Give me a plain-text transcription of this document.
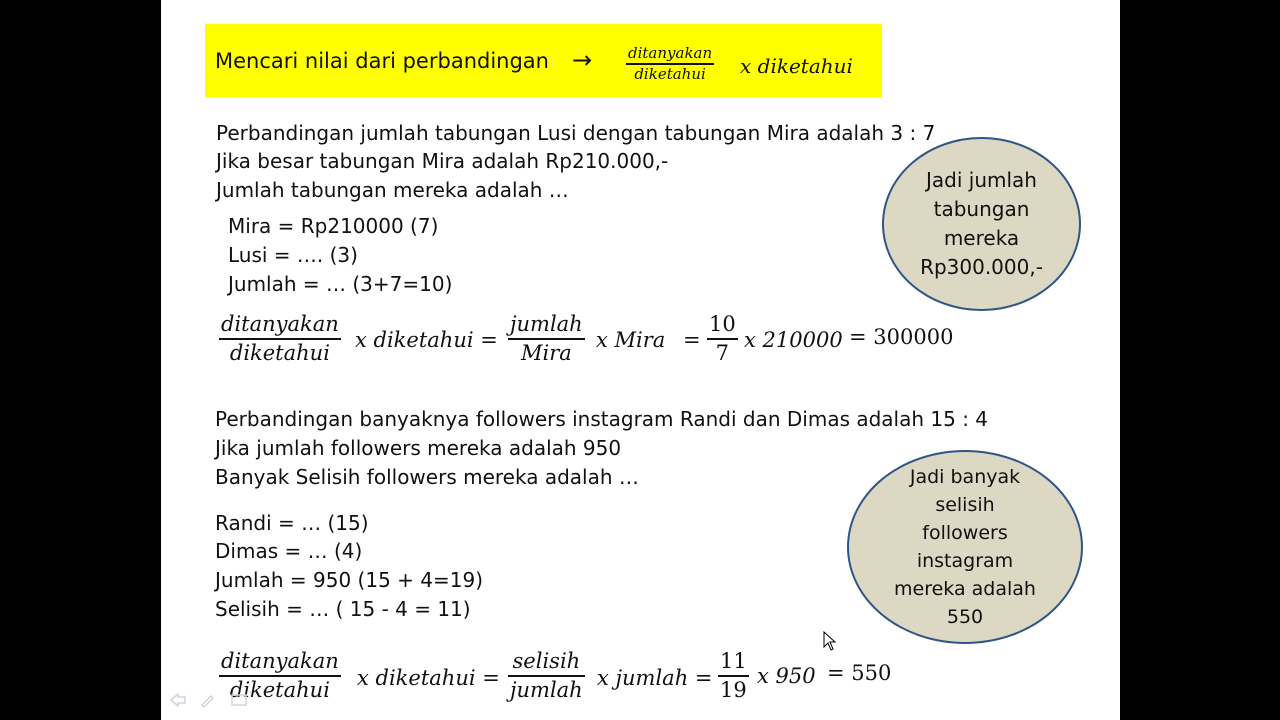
Mencari nilai dari perbandingan → ditanyakan
diketahui x diketahui
Perbandingan jumlah tabungan Lusi dengan tabungan Mira adalah 3 : 7
Jika besar tabungan Mira adalah Rp210.000,-
Jumlah tabungan mereka adalah …
Mira = Rp210000 (7)
Lusi = …. (3)
Jumlah = … (3+7=10)
ditanyakan
diketahui
x diketahui =
jumlah
Mira
x Mira =
10
7
x 210000 = 300000
Jadi jumlah
tabungan
mereka
Rp300.000,-
Perbandingan banyaknya followers instagram Randi dan Dimas adalah 15 : 4
Jika jumlah followers mereka adalah 950
Banyak Selisih followers mereka adalah …
Randi = … (15)
Dimas = … (4)
Jumlah = 950 (15 + 4=19)
Selisih = … ( 15 - 4 = 11)
ditanyakan
diketahui x diketahui =
selisih
jumlah x jumlah =
11
19
x 950 = 550
Jadi banyak
selisih
followers
instagram
mereka adalah
550
